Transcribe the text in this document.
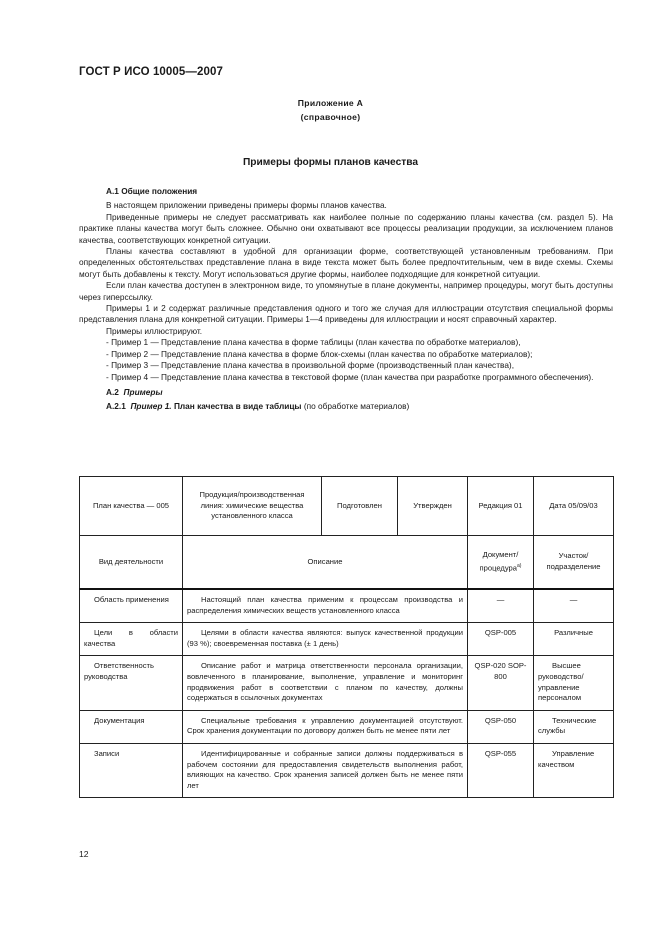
ГОСТ Р ИСО 10005—2007
Приложение А
(справочное)
Примеры формы планов качества

А.1 Общие положения

В настоящем приложении приведены примеры формы планов качества.

Приведенные примеры не следует рассматривать как наиболее полные по содержанию планы качества (см. раздел 5). На практике планы качества могут быть сложнее. Обычно они охватывают все процессы реализации продукции, за исключением планов качества, соответствующих конкретной ситуации.

Планы качества составляют в удобной для организации форме, соответствующей установленным требованиям. При определенных обстоятельствах представление плана в виде текста может быть более предпочтительным, чем в виде схемы. Схемы могут быть добавлены к тексту. Могут использоваться другие формы, наиболее подходящие для конкретной ситуации.

Если план качества доступен в электронном виде, то упомянутые в плане документы, например процедуры, могут быть доступны через гиперссылку.

Примеры 1 и 2 содержат различные представления одного и того же случая для иллюстрации отсутствия специальной формы представления плана для конкретной ситуации. Примеры 1—4 приведены для иллюстрации и носят справочный характер.

Примеры иллюстрируют.

- Пример 1 — Представление плана качества в форме таблицы (план качества по обработке материалов),

- Пример 2 — Представление плана качества в форме блок-схемы (план качества по обработке материалов);

- Пример 3 — Представление плана качества в произвольной форме (производственный план качества),

- Пример 4 — Представление плана качества в текстовой форме (план качества при разработке программного обеспечения).

А.2 Примеры

А.2.1 Пример 1. План качества в виде таблицы (по обработке материалов)

План качества — 005	Продукция/производственная линия: химические вещества установленного класса	Подготовлен	Утвержден	Редакция 01	Дата 05/09/03
Вид деятельности	Описание			Документ/ процедура$^{а)}$	Участок/ подразделение
Область применения	Настоящий план качества применим к процессам производства и распределения химических веществ установленного класса			—	—
Цели в области качества	Целями в области качества являются: выпуск качественной продукции (93 %); своевременная поставка (± 1 день)			QSP-005	Различные
Ответственность руководства	Описание работ и матрица ответственности персонала организации, вовлеченного в планирование, выполнение, управление и мониторинг продвижения работ в соответствии с планом по качеству, должны содержаться в ссылочных документах			QSP-020 SOP-800	Высшее руководство/ управление персоналом
Документация	Специальные требования к управлению документацией отсутствуют. Срок хранения документации по договору должен быть не менее пяти лет			QSP-050	Технические службы
Записи	Идентифицированные и собранные записи должны поддерживаться в рабочем состоянии для предоставления свидетельств выполнения работ, влияющих на качество. Срок хранения записей должен быть не менее пяти лет			QSP-055	Управление качеством
12
